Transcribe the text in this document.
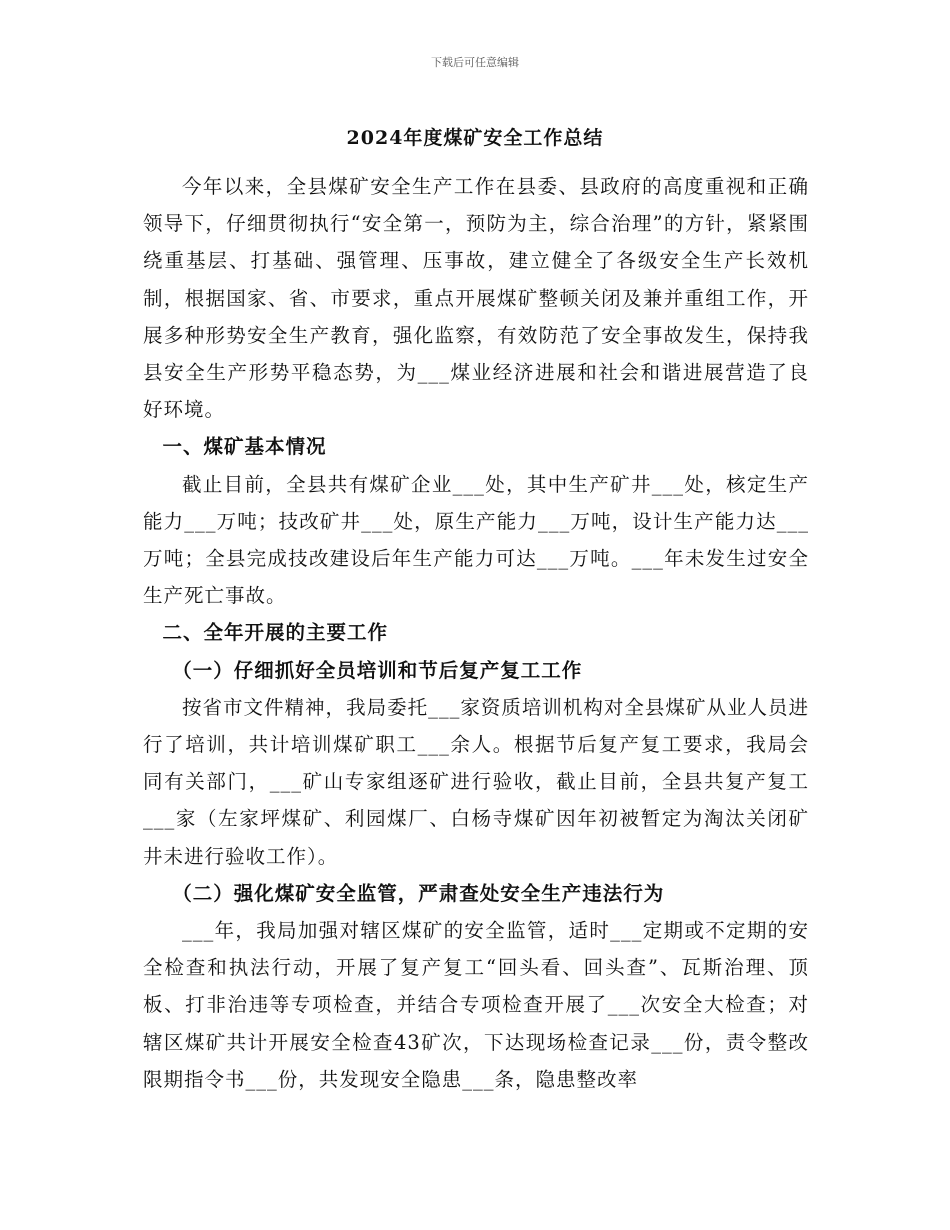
下载后可任意编辑
2024年度煤矿安全工作总结

今年以来，全县煤矿安全生产工作在县委、县政府的高度重视和正确领导下，仔细贯彻执行“安全第一，预防为主，综合治理”的方针，紧紧围绕重基层、打基础、强管理、压事故，建立健全了各级安全生产长效机制，根据国家、省、市要求，重点开展煤矿整顿关闭及兼并重组工作，开展多种形势安全生产教育，强化监察，有效防范了安全事故发生，保持我县安全生产形势平稳态势，为___煤业经济进展和社会和谐进展营造了良好环境。

一、煤矿基本情况

截止目前，全县共有煤矿企业___处，其中生产矿井___处，核定生产能力___万吨；技改矿井___处，原生产能力___万吨，设计生产能力达___万吨；全县完成技改建设后年生产能力可达___万吨。___年未发生过安全生产死亡事故。

二、全年开展的主要工作
（一）仔细抓好全员培训和节后复产复工工作

按省市文件精神，我局委托___家资质培训机构对全县煤矿从业人员进行了培训，共计培训煤矿职工___余人。根据节后复产复工要求，我局会同有关部门，___矿山专家组逐矿进行验收，截止目前，全县共复产复工___家（左家坪煤矿、利园煤厂、白杨寺煤矿因年初被暂定为淘汰关闭矿井未进行验收工作）。

（二）强化煤矿安全监管，严肃查处安全生产违法行为

___年，我局加强对辖区煤矿的安全监管，适时___定期或不定期的安全检查和执法行动，开展了复产复工“回头看、回头查”、瓦斯治理、顶板、打非治违等专项检查，并结合专项检查开展了___次安全大检查；对辖区煤矿共计开展安全检查43矿次，下达现场检查记录___份，责令整改限期指令书___份，共发现安全隐患___条，隐患整改率
